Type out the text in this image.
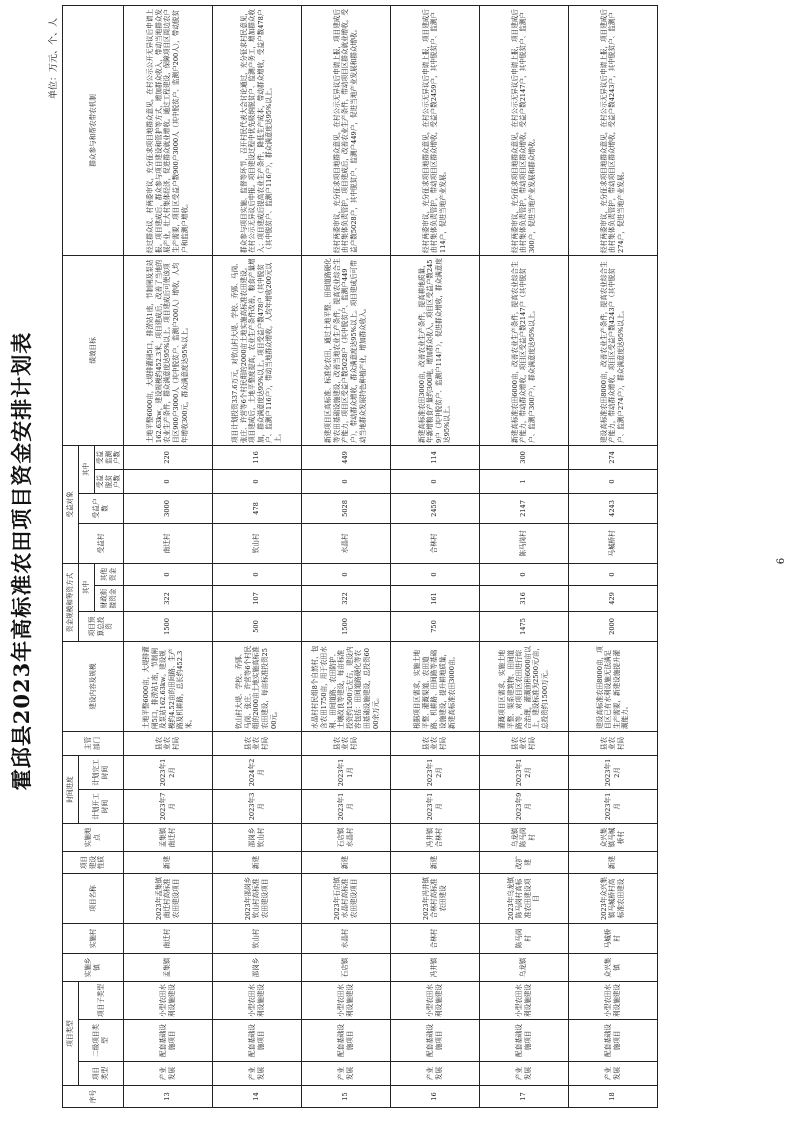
霍邱县2023年高标准农田项目资金安排计划表
单位：万元、个、人
序号	项目类型			实施乡镇	实施村	项目名称	项目建设性质	实施地点	时间进度		主管部门	建设内容及规模	资金规模和筹资方式			受益对象				绩效目标	群众参与和帮农带农机制
	项目类型	二级项目类型	项目子类型						计划开工时间	计划完工时间			项目预算总投资	其中		受益村	受益户数	其中			
														财政衔接资金	其他资金			受益脱贫户数	受益监测户数		
13	产业发展	配套基础设施项目	小型农田水利设施建设	孟集镇	南迁村	2023年孟集镇南迁村高标准农田建设项目	新建	孟集镇南迁村	2023年7月	2023年12月	县农业农村局	土地平整6000亩，大堤排灌闸5口，排涝站1座，节制闸及泵站162.63kw。建设规模约4.52亩的田间路、生产路及机耕路，总长约452.3米。	1500	322	0	南迁村	3000	0	220	土地平整6000亩，大堤排灌闸5口，排涝站1座，节制闸及泵站162.63kw，建设规模约452.3米，项目建成后，改善了当地的农业生产条件，群众满意度达95%以上。项目建成后可使该项目区900户3000人（其中脱贫户、监测户200人）增收，人均年增收300元，群众满意度达95%以上。	经过群众议、村两委审议，充分征求项目地群众意见，在村公示公开无异议后申请上报。项目建成后，群众参与项目建设和管护等方式，增加群众收入，带动当地群众发展产业，壮大村集体经济，促进群众就业增收。通过工程建设，保障项目区周边农户生产需要，项目区受益户数900户3000人（其中脱贫户、监测户200人），带动脱贫户和监测户增收。
14	产业发展	配套基础设施项目	小型农田水利设施建设	邵岗乡	钦山村	2023年邵岗乡钦山村高标准农田建设项目	新建	邵岗乡钦山村	2023年3月	2024年2月	县农业农村局	钦山村大堤、学校、乔郢、马岗、张庄、许营等6个村民组的2000亩土地实施高标准农田建设，每亩标准投资2500元。	500	107	0	钦山村	478	0	116	项目计划投资337.6万元，对钦山村大堤、学校、乔郢、马岗、张庄、许营等6个村民组的2000亩土地实施高标准农田建设。项目建成后，土地平整度提高，农业生产条件改善，粮食产量增加，群众满意度达95%以上。项目受益户数478户（其中脱贫户、监测户116户），带动当地群众增收，人均年增收200元以上。	群众参与项目实施、监督等环节，召开村民代表大会讨论通过，充分征求村民意见，在村公示无异议后申报。项目建设过程中优先吸纳脱贫户、监测户务工，增加群众收入；项目建成后提高农业生产条件，降低生产成本，带动群众增收，受益户数478户（其中脱贫户、监测户116户），群众满意度达95%以上。
15	产业发展	配套基础设施项目	小型农田水利设施建设	石店镇	水晶村	2023年石店镇水晶村高标准农田建设项目	新建	石店镇水晶村	2023年1月	2023年11月	县农业农村局	水晶村村民组8个自然村，包含农田1750亩，用于农田水利、田间道路、农田防护、土壤改良等建设，每亩标准投资约1500元左右，建设内容包括：田间道路硬化等农田基础设施建设，总投资6000余万元。	1500	322	0	水晶村	5028	0	449	新建项目区高标准、标准化农田，通过土地平整、田间道路硬化等农田基础设施建设，改善当地农业生产条件，提高农业综合生产能力，项目区受益户数5028户（其中脱贫户、监测户449户），带动群众增收，群众满意度达95%以上。项目建成后可带动当地群众发展特色种植产业，增加群众收入。	经村两委审议，充分征求项目地群众意见，在村公示无异议后申请上报，项目建成后由村集体负责管护，项目建成后，改善农业生产条件，带动项目区群众就业增收，受益户数5028户，其中脱贫户、监测户449户，促进当地产业发展和群众增收。
16	产业发展	配套基础设施项目	小型农田水利设施建设	冯井镇	合林村	2023年冯井镇合林村高标准农田建设	新建	冯井镇合林村	2023年1月	2023年12月	县农业农村局	根据项目区需求，实施土地平整、灌溉渠道、农田道路、机耕路、田间路等基础设施建设，提升耕地质量，新建高标准农田3000亩。	750	161	0	合林村	2459	0	114	新建高标准农田3000亩，改善农业生产条件，提高耕地质量，年新增粮食产量约300吨，增加群众收入，项目区受益户数2459户（其中脱贫户、监测户114户），促进群众增收，群众满意度达95%以上。	经村两委审议，充分征求项目地群众意见，在村公示无异议后申请上报，项目建成后由村集体负责管护，带动项目区群众增收，受益户数2459户，其中脱贫户、监测户114户，促进当地产业发展。
17	产业发展	配套基础设施项目	小型农田水利设施建设	乌龙镇	陈马岗村	2023年乌龙镇陈马岗村高标准农田建设项目	改扩建	乌龙镇陈马岗村	2023年9月	2023年12月	县农业农村局	灌溉项目区需求，实施土地平整、渠系建筑物、田间道路等，对项目区农田进行综合治理，灌溉面积6000亩以上，建设标准为2500元/亩，总投资约1500万元。	1475	316	0	陈马岗村	2147	1	300	新建高标准农田6000亩，改善农业生产条件，提高农业综合生产能力，带动群众增收，项目区受益户数2147户（其中脱贫户、监测户300户），群众满意度达95%以上。	经村两委审议，充分征求项目地群众意见，在村公示无异议后申请上报，项目建成后由村集体负责管护，带动项目区群众增收，受益户数2147户，其中脱贫户、监测户300户，促进当地产业发展和群众增收。
18	产业发展	配套基础设施项目	小型农田水利设施建设	众兴集镇	马城桥村	2023年众兴集镇马城桥村高标准农田建设	新建	众兴集镇马城桥村	2023年1月	2023年12月	县农业农村局	建设高标准农田8000亩，项目区已有水利设施无法满足生产需要，新建设施提升灌溉能力。	2000	429	0	马城桥村	4243	0	274	建设高标准农田8000亩，改善农业生产条件，提高农业综合生产能力，带动群众增收，项目区受益户数4243户（其中脱贫户、监测户274户），群众满意度达95%以上。	经村两委审议，充分征求项目地群众意见，在村公示无异议后申请上报，项目建成后由村集体负责管护，带动项目区群众增收，受益户数4243户，其中脱贫户、监测户274户，促进当地产业发展。
6
